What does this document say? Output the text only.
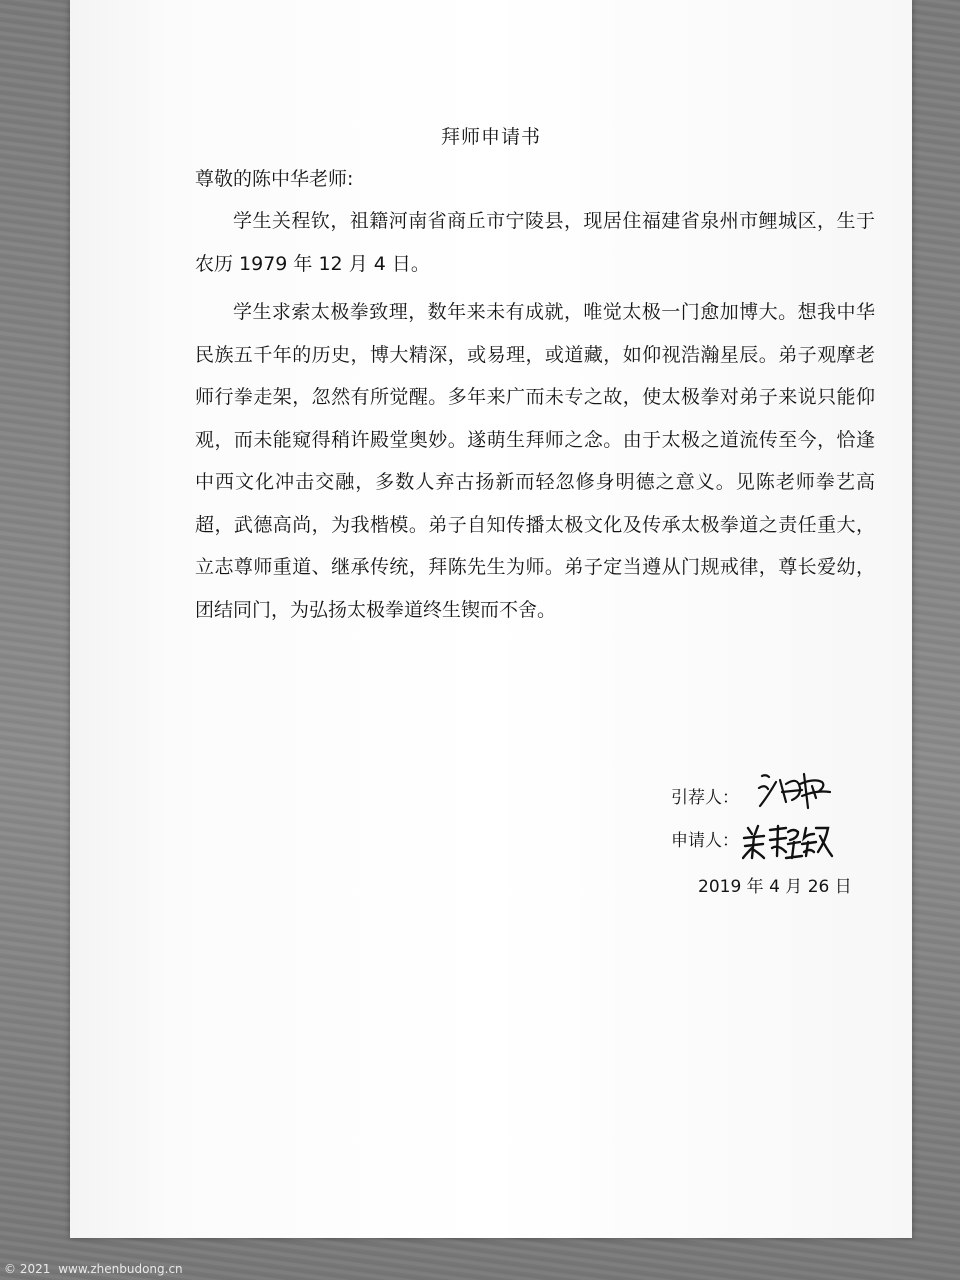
拜师申请书
尊敬的陈中华老师:
学生关程钦，祖籍河南省商丘市宁陵县，现居住福建省泉州市鲤城区，生于农历 1979 年 12 月 4 日。
学生求索太极拳致理，数年来未有成就，唯觉太极一门愈加博大。想我中华民族五千年的历史，博大精深，或易理，或道藏，如仰视浩瀚星辰。弟子观摩老师行拳走架，忽然有所觉醒。多年来广而未专之故，使太极拳对弟子来说只能仰观，而未能窥得稍许殿堂奥妙。遂萌生拜师之念。由于太极之道流传至今，恰逢中西文化冲击交融，多数人弃古扬新而轻忽修身明德之意义。见陈老师拳艺高超，武德高尚，为我楷模。弟子自知传播太极文化及传承太极拳道之责任重大，立志尊师重道、继承传统，拜陈先生为师。弟子定当遵从门规戒律，尊长爱幼，团结同门，为弘扬太极拳道终生锲而不舍。
引荐人：
申请人：
2019 年 4 月 26 日
© 2021 www.zhenbudong.cn
